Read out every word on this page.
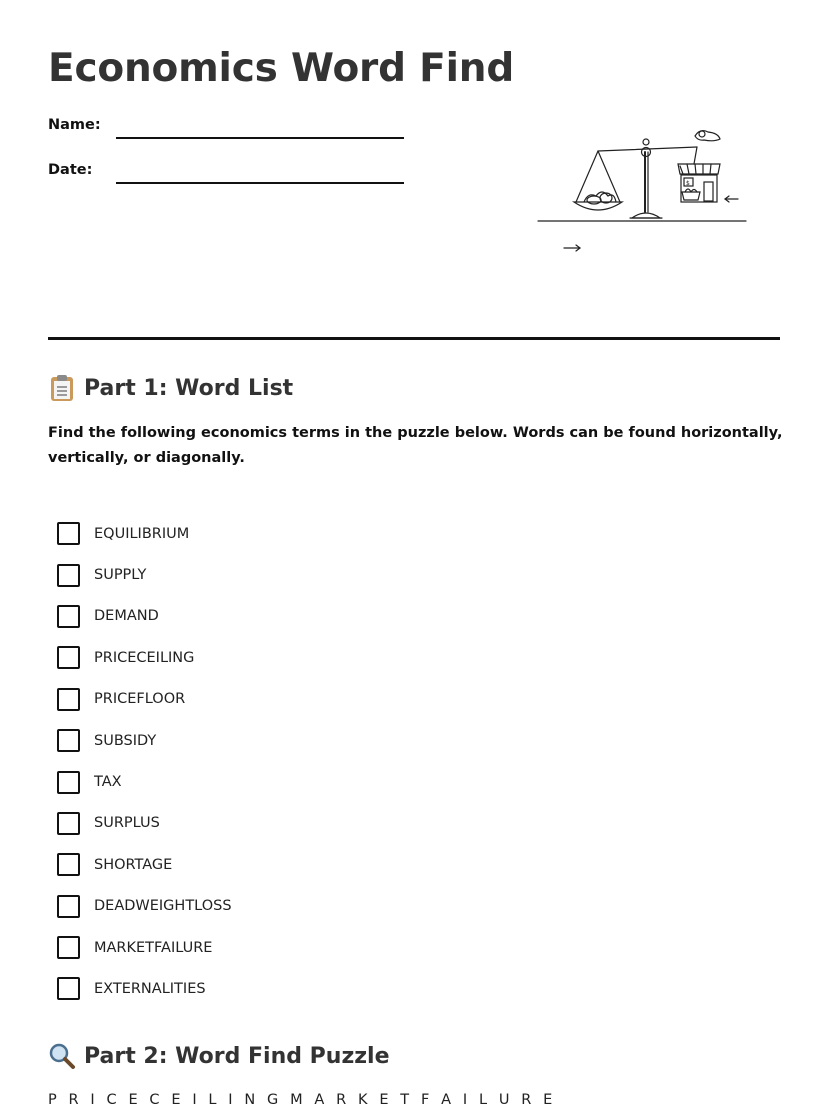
Economics Word Find
Name:
Date:
$
Part 1: Word List
Find the following economics terms in the puzzle below. Words can be found horizontally, vertically, or diagonally.
EQUILIBRIUM
SUPPLY
DEMAND
PRICECEILING
PRICEFLOOR
SUBSIDY
TAX
SURPLUS
SHORTAGE
DEADWEIGHTLOSS
MARKETFAILURE
EXTERNALITIES
Part 2: Word Find Puzzle
P R I C E C E I L I N G M A R K E T F A I L U R E
